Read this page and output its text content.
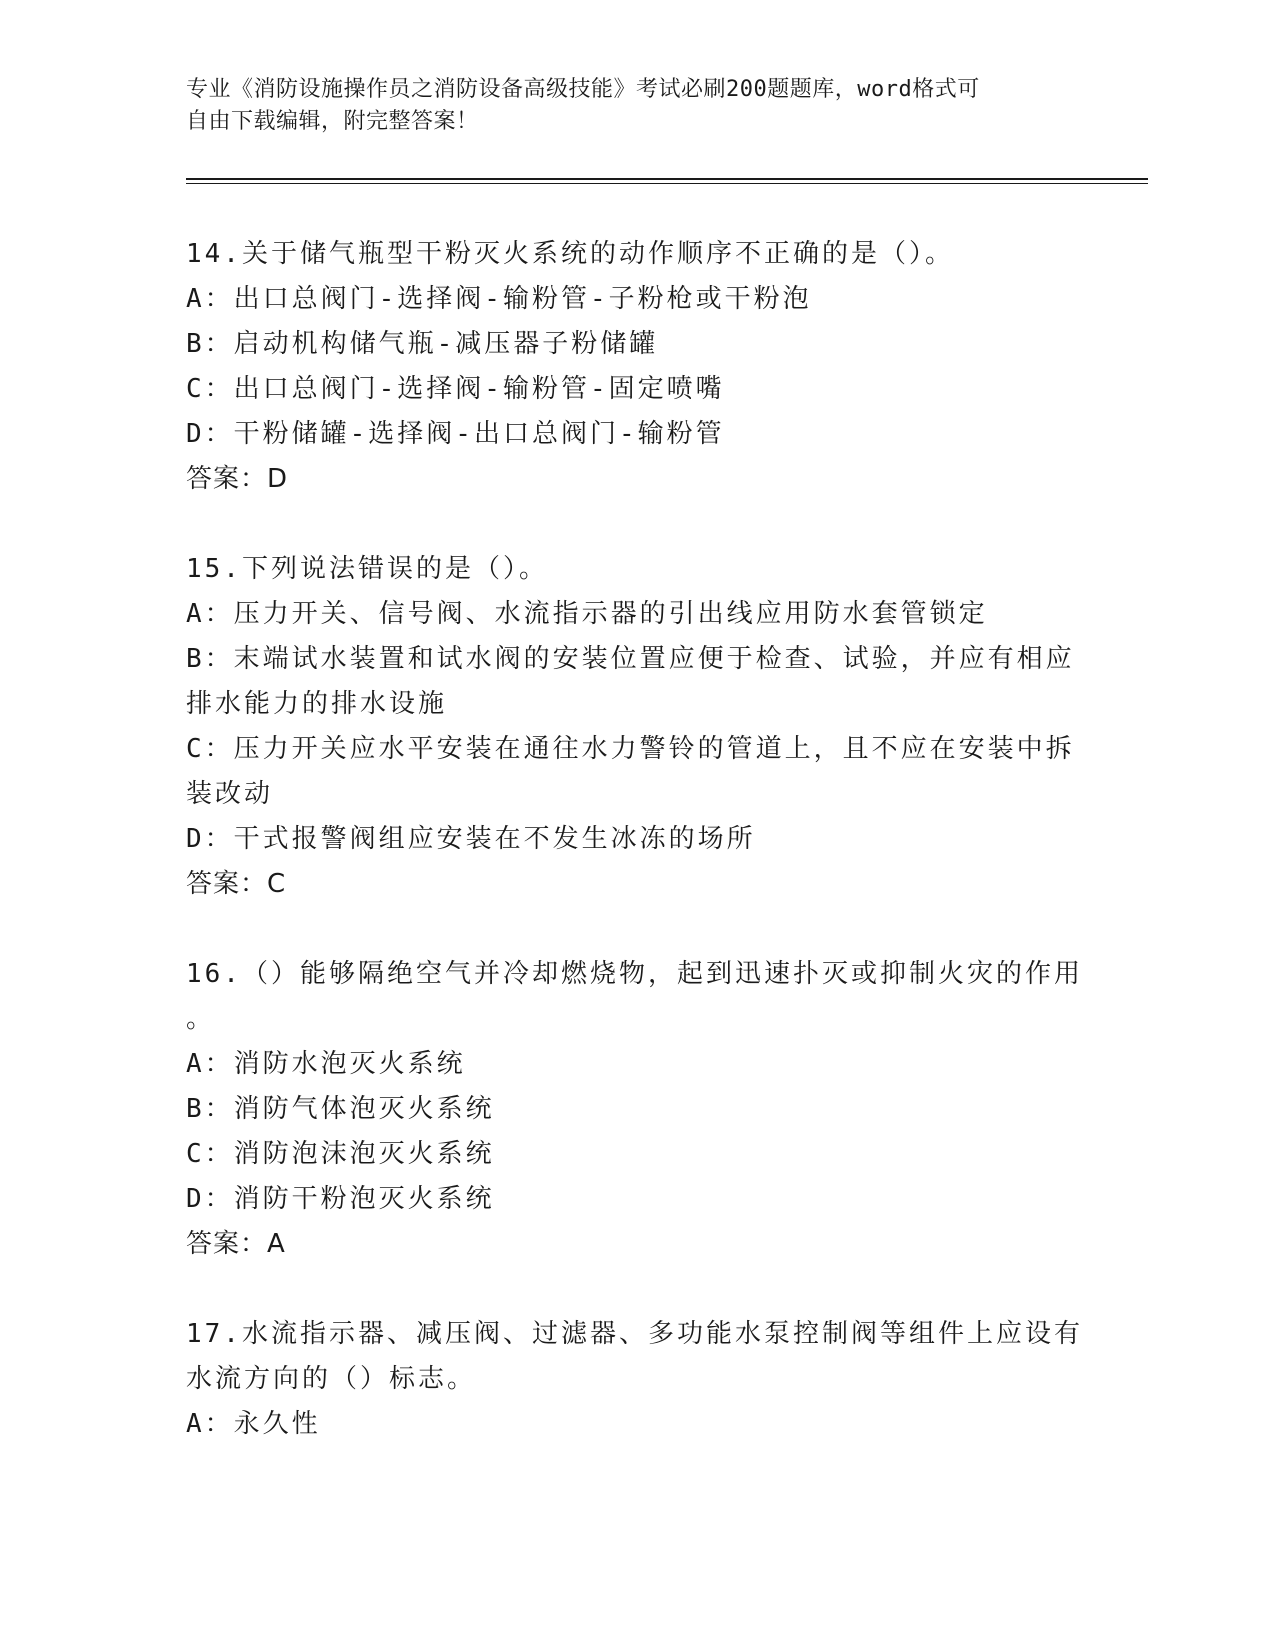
专业《消防设施操作员之消防设备高级技能》考试必刷200题题库，word格式可
自由下载编辑，附完整答案！
14.关于储气瓶型干粉灭火系统的动作顺序不正确的是（）。
A：出口总阀门-选择阀-输粉管-子粉枪或干粉泡
B：启动机构储气瓶-减压器子粉储罐
C：出口总阀门-选择阀-输粉管-固定喷嘴
D：干粉储罐-选择阀-出口总阀门-输粉管
答案：D
15.下列说法错误的是（）。
A：压力开关、信号阀、水流指示器的引出线应用防水套管锁定
B：末端试水装置和试水阀的安装位置应便于检查、试验，并应有相应
排水能力的排水设施
C：压力开关应水平安装在通往水力警铃的管道上，且不应在安装中拆
装改动
D：干式报警阀组应安装在不发生冰冻的场所
答案：C
16.（）能够隔绝空气并冷却燃烧物，起到迅速扑灭或抑制火灾的作用
。
A：消防水泡灭火系统
B：消防气体泡灭火系统
C：消防泡沫泡灭火系统
D：消防干粉泡灭火系统
答案：A
17.水流指示器、减压阀、过滤器、多功能水泵控制阀等组件上应设有
水流方向的（）标志。
A：永久性
